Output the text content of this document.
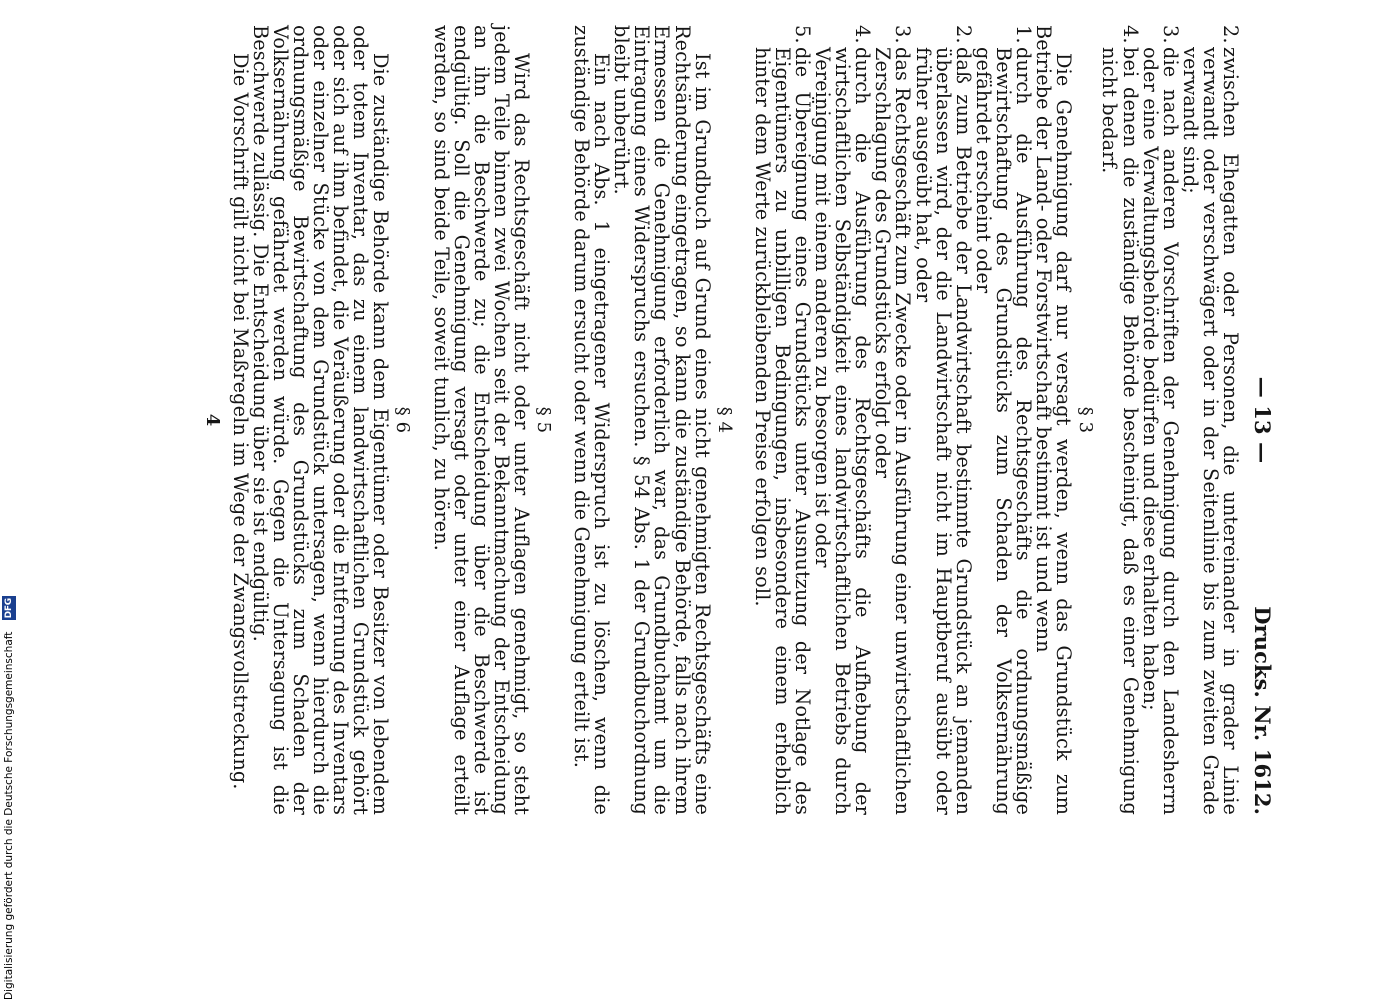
— 13 —
Drucks. Nr. 1612.
2.
zwischen Ehegatten oder Personen, die untereinander in grader Linie verwandt oder verschwägert oder in der Seitenlinie bis zum zweiten Grade verwandt sind;
3.
die nach anderen Vorschriften der Genehmigung durch den Landesherrn oder eine Verwaltungsbehörde bedürfen und diese erhalten haben;
4.
bei denen die zuständige Behörde bescheinigt, daß es einer Genehmigung nicht bedarf.
§ 3

Die Genehmigung darf nur versagt werden, wenn das Grundstück zum Betriebe der Land- oder Forstwirtschaft bestimmt ist und wenn

1.
durch die Ausführung des Rechtsgeschäfts die ordnungsmäßige Bewirtschaftung des Grundstücks zum Schaden der Volksernährung gefährdet erscheint oder
2.
daß zum Betriebe der Landwirtschaft bestimmte Grundstück an jemanden überlassen wird, der die Landwirtschaft nicht im Hauptberuf ausübt oder früher ausgeübt hat, oder
3.
das Rechtsgeschäft zum Zwecke oder in Ausführung einer unwirtschaftlichen Zerschlagung des Grundstücks erfolgt oder
4.
durch die Ausführung des Rechtsgeschäfts die Aufhebung der wirtschaftlichen Selbständigkeit eines landwirtschaftlichen Betriebs durch Vereinigung mit einem anderen zu besorgen ist oder
5.
die Übereignung eines Grundstücks unter Ausnutzung der Notlage des Eigentümers zu unbilligen Bedingungen, insbesondere einem erheblich hinter dem Werte zurückbleibenden Preise erfolgen soll.
§ 4

Ist im Grundbuch auf Grund eines nicht genehmigten Rechtsgeschäfts eine Rechtsänderung eingetragen, so kann die zuständige Behörde, falls nach ihrem Ermessen die Genehmigung erforderlich war, das Grundbuchamt um die Eintragung eines Widerspruchs ersuchen. § 54 Abs. 1 der Grundbuchordnung bleibt unberührt.

Ein nach Abs. 1 eingetragener Widerspruch ist zu löschen, wenn die zuständige Behörde darum ersucht oder wenn die Genehmigung erteilt ist.

§ 5

Wird das Rechtsgeschäft nicht oder unter Auflagen genehmigt, so steht jedem Teile binnen zwei Wochen seit der Bekanntmachung der Entscheidung an ihn die Beschwerde zu; die Entscheidung über die Beschwerde ist endgültig. Soll die Genehmigung versagt oder unter einer Auflage erteilt werden, so sind beide Teile, soweit tunlich, zu hören.

§ 6

Die zuständige Behörde kann dem Eigentümer oder Besitzer von lebendem oder totem Inventar, das zu einem landwirtschaftlichen Grundstück gehört oder sich auf ihm befindet, die Veräußerung oder die Entfernung des Inventars oder einzelner Stücke von dem Grundstück untersagen, wenn hierdurch die ordnungsmäßige Bewirtschaftung des Grundstücks zum Schaden der Volksernährung gefährdet werden würde. Gegen die Untersagung ist die Beschwerde zulässig. Die Entscheidung über sie ist endgültig.

Die Vorschrift gilt nicht bei Maßregeln im Wege der Zwangsvollstreckung.

4
Digitalisierung gefördert durch die Deutsche Forschungsgemeinschaft DFG
